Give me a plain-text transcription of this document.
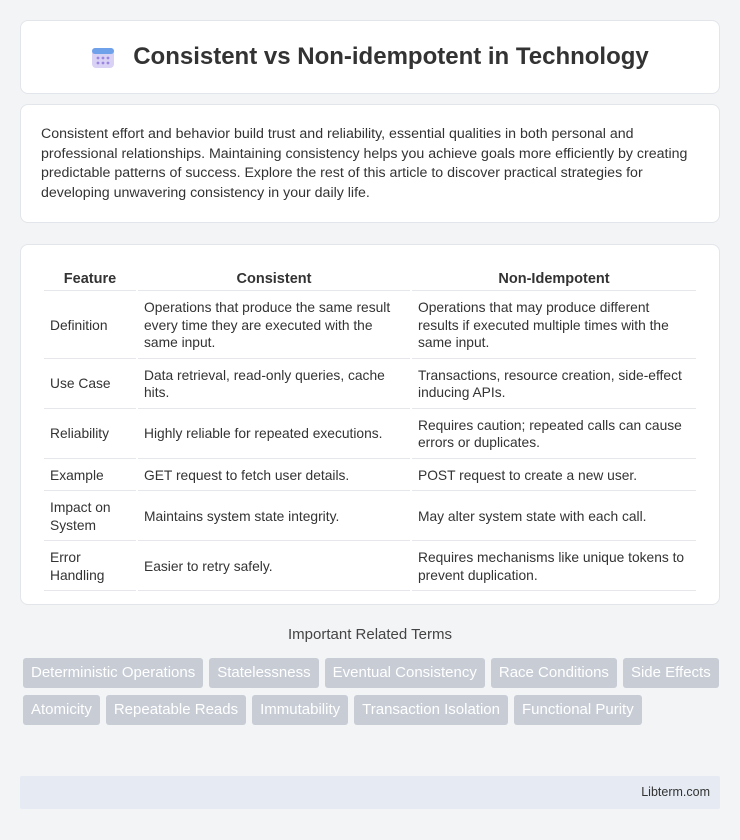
Consistent vs Non-idempotent in Technology

Consistent effort and behavior build trust and reliability, essential qualities in both personal and professional relationships. Maintaining consistency helps you achieve goals more efficiently by creating predictable patterns of success. Explore the rest of this article to discover practical strategies for developing unwavering consistency in your daily life.

Feature	Consistent	Non-Idempotent
Definition	Operations that produce the same result every time they are executed with the same input.	Operations that may produce different results if executed multiple times with the same input.
Use Case	Data retrieval, read-only queries, cache hits.	Transactions, resource creation, side-effect inducing APIs.
Reliability	Highly reliable for repeated executions.	Requires caution; repeated calls can cause errors or duplicates.
Example	GET request to fetch user details.	POST request to create a new user.
Impact on System	Maintains system state integrity.	May alter system state with each call.
Error Handling	Easier to retry safely.	Requires mechanisms like unique tokens to prevent duplication.
Important Related Terms
Deterministic Operations	Statelessness	Eventual Consistency	Race Conditions	Side Effects
Atomicity	Repeatable Reads	Immutability	Transaction Isolation	Functional Purity
Libterm.com
